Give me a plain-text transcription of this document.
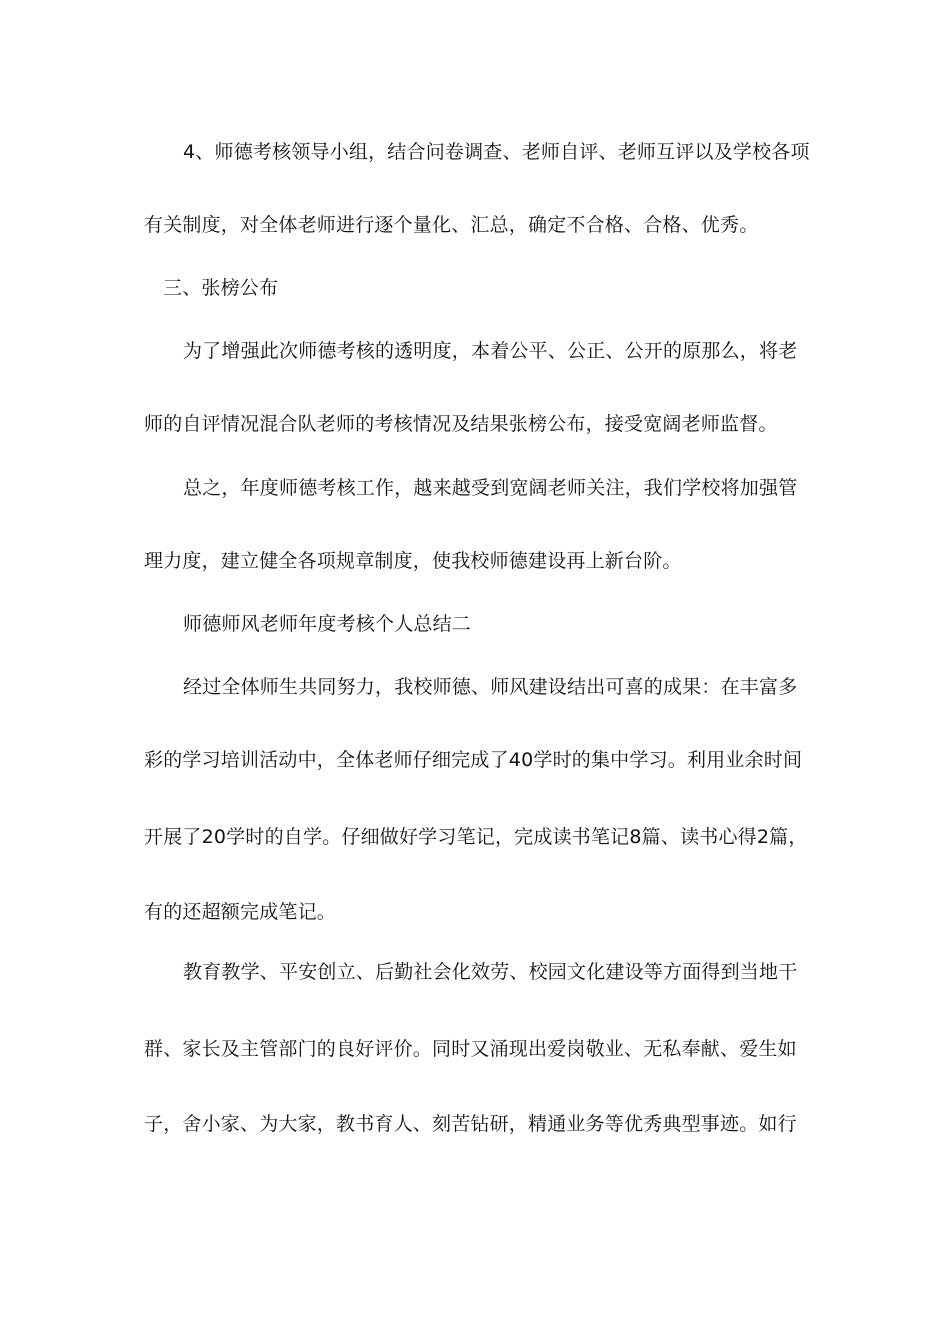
4、师德考核领导小组，结合问卷调查、老师自评、老师互评以及学校各项
有关制度，对全体老师进行逐个量化、汇总，确定不合格、合格、优秀。
三、张榜公布
为了增强此次师德考核的透明度，本着公平、公正、公开的原那么，将老
师的自评情况混合队老师的考核情况及结果张榜公布，接受宽阔老师监督。
总之，年度师德考核工作，越来越受到宽阔老师关注，我们学校将加强管
理力度，建立健全各项规章制度，使我校师德建设再上新台阶。
师德师风老师年度考核个人总结二
经过全体师生共同努力，我校师德、师风建设结出可喜的成果：在丰富多
彩的学习培训活动中，全体老师仔细完成了40学时的集中学习。利用业余时间
开展了20学时的自学。仔细做好学习笔记，完成读书笔记8篇、读书心得2篇，
有的还超额完成笔记。
教育教学、平安创立、后勤社会化效劳、校园文化建设等方面得到当地干
群、家长及主管部门的良好评价。同时又涌现出爱岗敬业、无私奉献、爱生如
子，舍小家、为大家，教书育人、刻苦钻研，精通业务等优秀典型事迹。如行
